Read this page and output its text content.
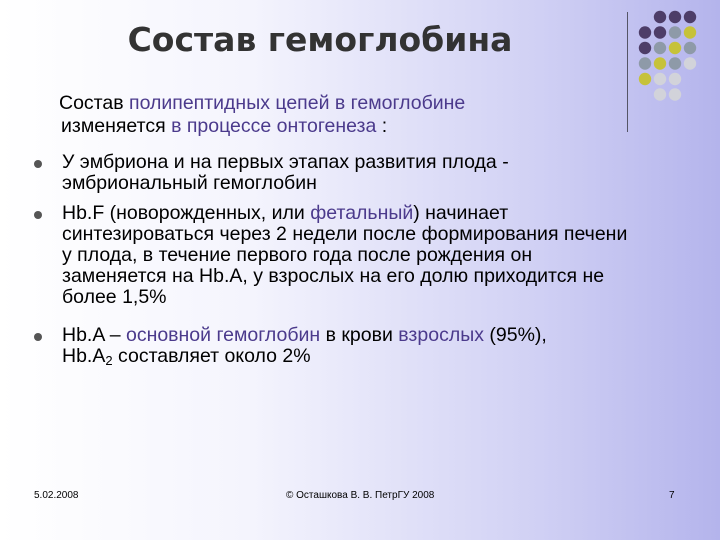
Состав гемоглобина
Состав полипептидных цепей в гемоглобине
изменяется в процессе онтогенеза :
У эмбриона и на первых этапах развития плода - эмбриональный гемоглобин
Hb.F (новорожденных, или фетальный) начинает синтезироваться через 2 недели после формирования печени у плода, в течение первого года после рождения он заменяется на Hb.A, у взрослых на его долю приходится не более 1,5%
Hb.A – основной гемоглобин в крови взрослых (95%),
$Hb.A_2$ составляет около 2%
5.02.2008	© Осташкова В. В. ПетрГУ 2008	7
